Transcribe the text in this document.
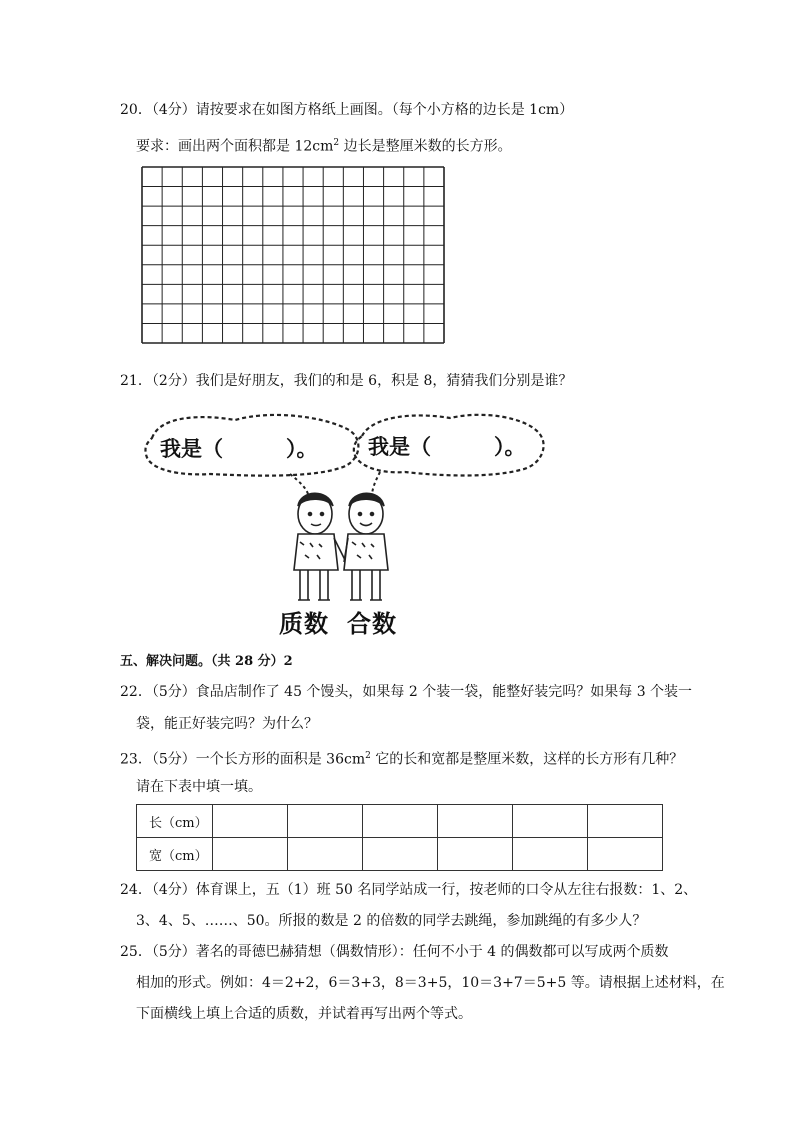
20．（4分）请按要求在如图方格纸上画图。（每个小方格的边长是 1cm）
要求：画出两个面积都是 $12cm^2$ 边长是整厘米数的长方形。
21．（2分）我们是好朋友，我们的和是 6，积是 8，猜猜我们分别是谁？
我是（　　　）。 我是（　　　）。
质数 合数
五、解决问题。（共 28 分）2
22．（5分）食品店制作了 45 个馒头，如果每 2 个装一袋，能整好装完吗？如果每 3 个装一
袋，能正好装完吗？为什么？
23．（5分）一个长方形的面积是 $36cm^2$ 它的长和宽都是整厘米数，这样的长方形有几种？
请在下表中填一填。
长（cm）						
宽（cm）						
24．（4分）体育课上，五（1）班 50 名同学站成一行，按老师的口令从左往右报数：1、2、
3、4、5、……、50。所报的数是 2 的倍数的同学去跳绳，参加跳绳的有多少人？
25．（5分）著名的哥德巴赫猜想（偶数情形）：任何不小于 4 的偶数都可以写成两个质数
相加的形式。例如：4＝2+2，6＝3+3，8＝3+5，10＝3+7＝5+5 等。请根据上述材料，在
下面横线上填上合适的质数，并试着再写出两个等式。
